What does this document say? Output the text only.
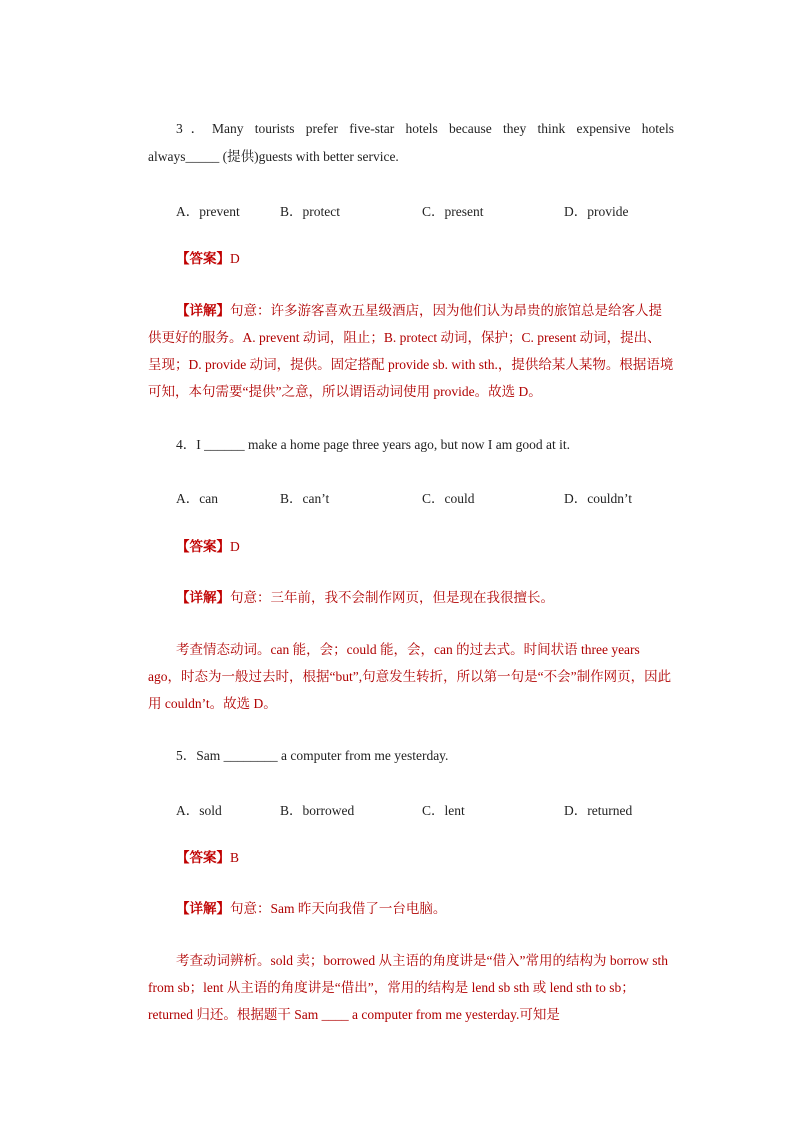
3．Many tourists prefer five-star hotels because they think expensive hotels
always_____ (提供)guests with better service.
A．prevent	B．protect	C．present	D．provide
【答案】D
【详解】句意：许多游客喜欢五星级酒店，因为他们认为昂贵的旅馆总是给客人提供更好的服务。A. prevent 动词，阻止；B. protect 动词，保护；C. present 动词，提出、呈现；D. provide 动词，提供。固定搭配 provide sb. with sth.，提供给某人某物。根据语境可知，本句需要“提供”之意，所以谓语动词使用 provide。故选 D。
4．I ______ make a home page three years ago, but now I am good at it.
A．can	B．can’t	C．could	D．couldn’t
【答案】D
【详解】句意：三年前，我不会制作网页，但是现在我很擅长。
考查情态动词。can 能，会；could 能，会，can 的过去式。时间状语 three years ago，时态为一般过去时，根据“but”,句意发生转折，所以第一句是“不会”制作网页，因此用 couldn’t。故选 D。
5．Sam ________ a computer from me yesterday.
A．sold	B．borrowed	C．lent	D．returned
【答案】B
【详解】句意：Sam 昨天向我借了一台电脑。
考查动词辨析。sold 卖；borrowed 从主语的角度讲是“借入”常用的结构为 borrow sth from sb；lent 从主语的角度讲是“借出”，常用的结构是 lend sb sth 或 lend sth to sb；returned 归还。根据题干 Sam ____ a computer from me yesterday.可知是
